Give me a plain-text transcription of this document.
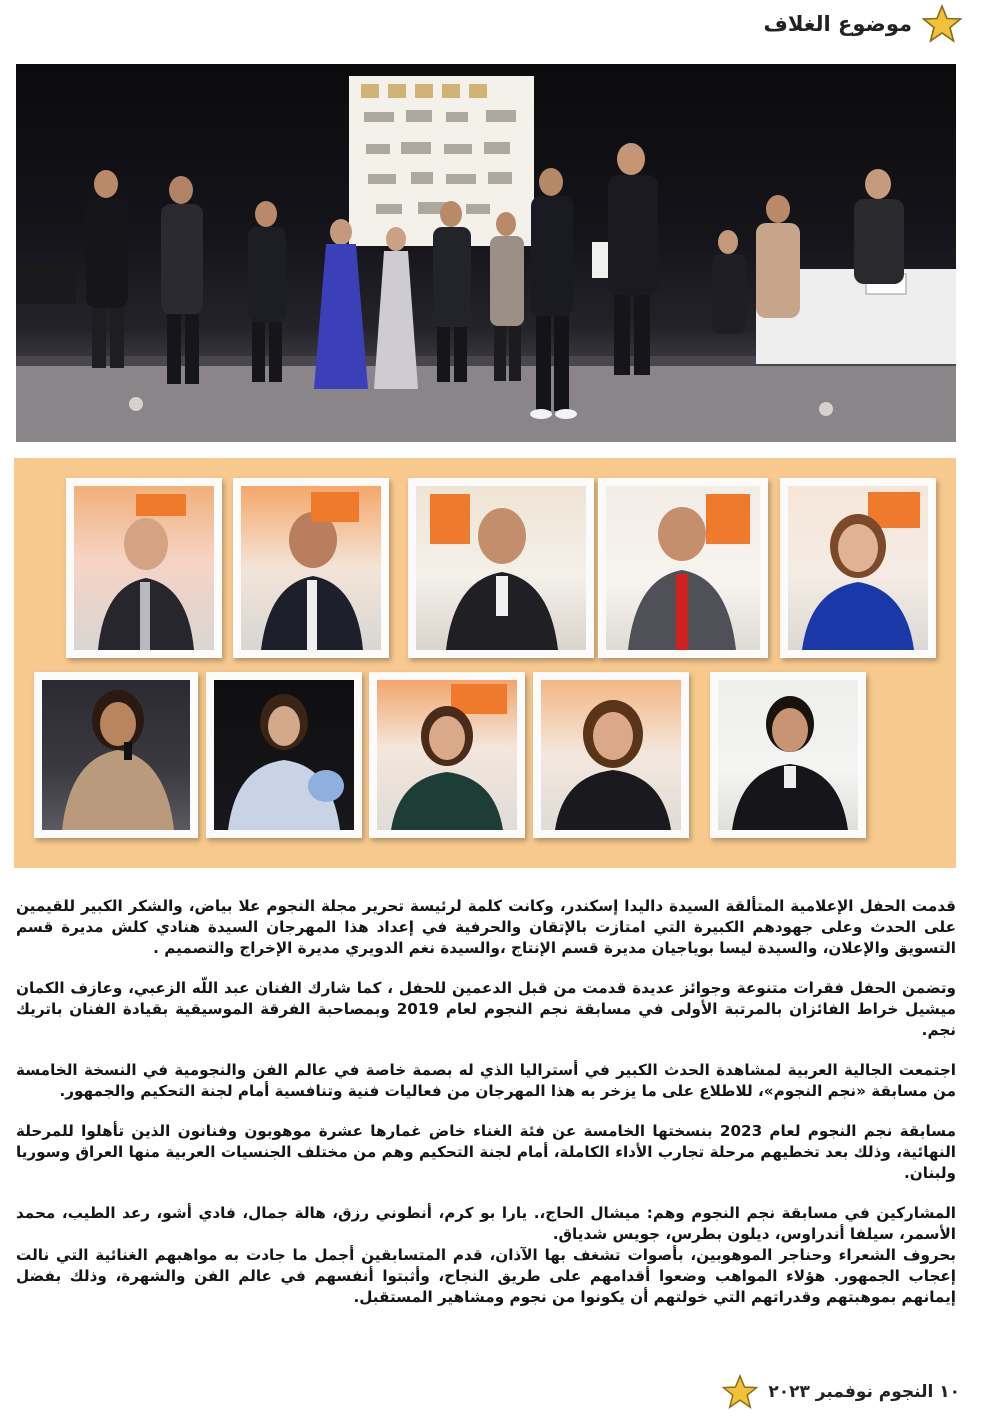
موضوع الغلاف

قدمت الحفل الإعلامية المتألقة السيدة داليدا إسكندر، وكانت كلمة لرئيسة تحرير مجلة النجوم علا بياض، والشكر الكبير للقيمين على الحدث وعلى جهودهم الكبيرة التي امتازت بالإتقان والحرفية في إعداد هذا المهرجان السيدة هنادي كلش مديرة قسم التسويق والإعلان، والسيدة ليسا بوياجيان مديرة قسم الإنتاج ،والسيدة نغم الدويري مديرة الإخراج والتصميم .

وتضمن الحفل فقرات متنوعة وجوائز عديدة قدمت من قبل الدعمين للحفل ، كما شارك الفنان عبد اللّه الزعبي، وعازف الكمان ميشيل خراط الفائزان بالمرتبة الأولى في مسابقة نجم النجوم لعام 2019 وبمصاحبة الفرقة الموسيقية بقيادة الفنان باتريك نجم.

اجتمعت الجالية العربية لمشاهدة الحدث الكبير في أستراليا الذي له بصمة خاصة في عالم الفن والنجومية في النسخة الخامسة من مسابقة «نجم النجوم»، للاطلاع على ما يزخر به هذا المهرجان من فعاليات فنية وتنافسية أمام لجنة التحكيم والجمهور.

مسابقة نجم النجوم لعام 2023 بنسختها الخامسة عن فئة الغناء خاض غمارها عشرة موهوبون وفنانون الذين تأهلوا للمرحلة النهائية، وذلك بعد تخطيهم مرحلة تجارب الأداء الكاملة، أمام لجنة التحكيم وهم من مختلف الجنسيات العربية منها العراق وسوريا ولبنان.

المشاركين في مسابقة نجم النجوم وهم: ميشال الحاج،. يارا بو كرم، أنطوني رزق، هالة جمال، فادي أشو، رعد الطيب، محمد الأسمر، سيلفا أندراوس، ديلون بطرس، جويس شدياق.

بحروف الشعراء وحناجر الموهوبين، بأصوات تشغف بها الآذان، قدم المتسابقين أجمل ما جادت به مواهبهم الغنائية التي نالت إعجاب الجمهور. هؤلاء المواهب وضعوا أقدامهم على طريق النجاح، وأثبتوا أنفسهم في عالم الفن والشهرة، وذلك بفضل إيمانهم بموهبتهم وقدراتهم التي خولتهم أن يكونوا من نجوم ومشاهير المستقبل.

١٠ النجوم نوفمبر ٢٠٢٣
